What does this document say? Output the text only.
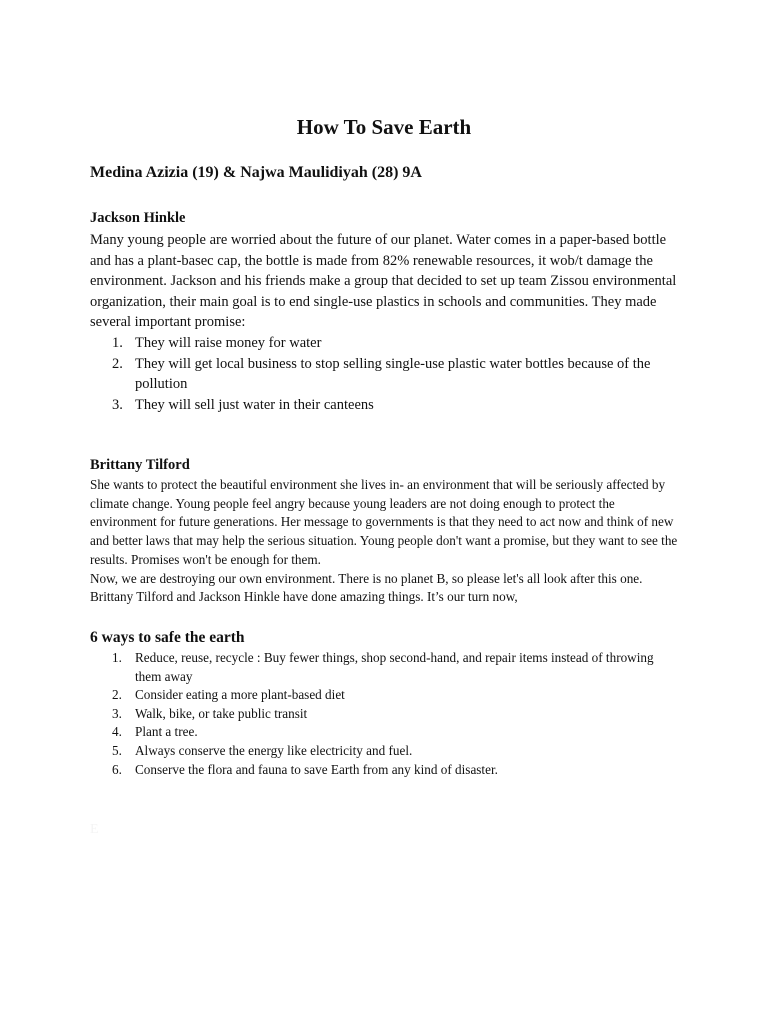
How To Save Earth

Medina Azizia (19) & Najwa Maulidiyah (28) 9A

Jackson Hinkle

Many young people are worried about the future of our planet. Water comes in a paper-based bottle and has a plant-basec cap, the bottle is made from 82% renewable resources, it wob/t damage the environment. Jackson and his friends make a group that decided to set up team Zissou environmental organization, their main goal is to end single-use plastics in schools and communities. They made several important promise:

1. They will raise money for water
2. They will get local business to stop selling single-use plastic water bottles because of the pollution
3. They will sell just water in their canteens

Brittany Tilford

She wants to protect the beautiful environment she lives in- an environment that will be seriously affected by climate change. Young people feel angry because young leaders are not doing enough to protect the environment for future generations. Her message to governments is that they need to act now and think of new and better laws that may help the serious situation. Young people don't want a promise, but they want to see the results. Promises won't be enough for them.

Now, we are destroying our own environment. There is no planet B, so please let's all look after this one. Brittany Tilford and Jackson Hinkle have done amazing things. It’s our turn now,

6 ways to safe the earth

1. Reduce, reuse, recycle : Buy fewer things, shop second-hand, and repair items instead of throwing them away
2. Consider eating a more plant-based diet
3. Walk, bike, or take public transit
4. Plant a tree.
5. Always conserve the energy like electricity and fuel.
6. Conserve the flora and fauna to save Earth from any kind of disaster.
E
